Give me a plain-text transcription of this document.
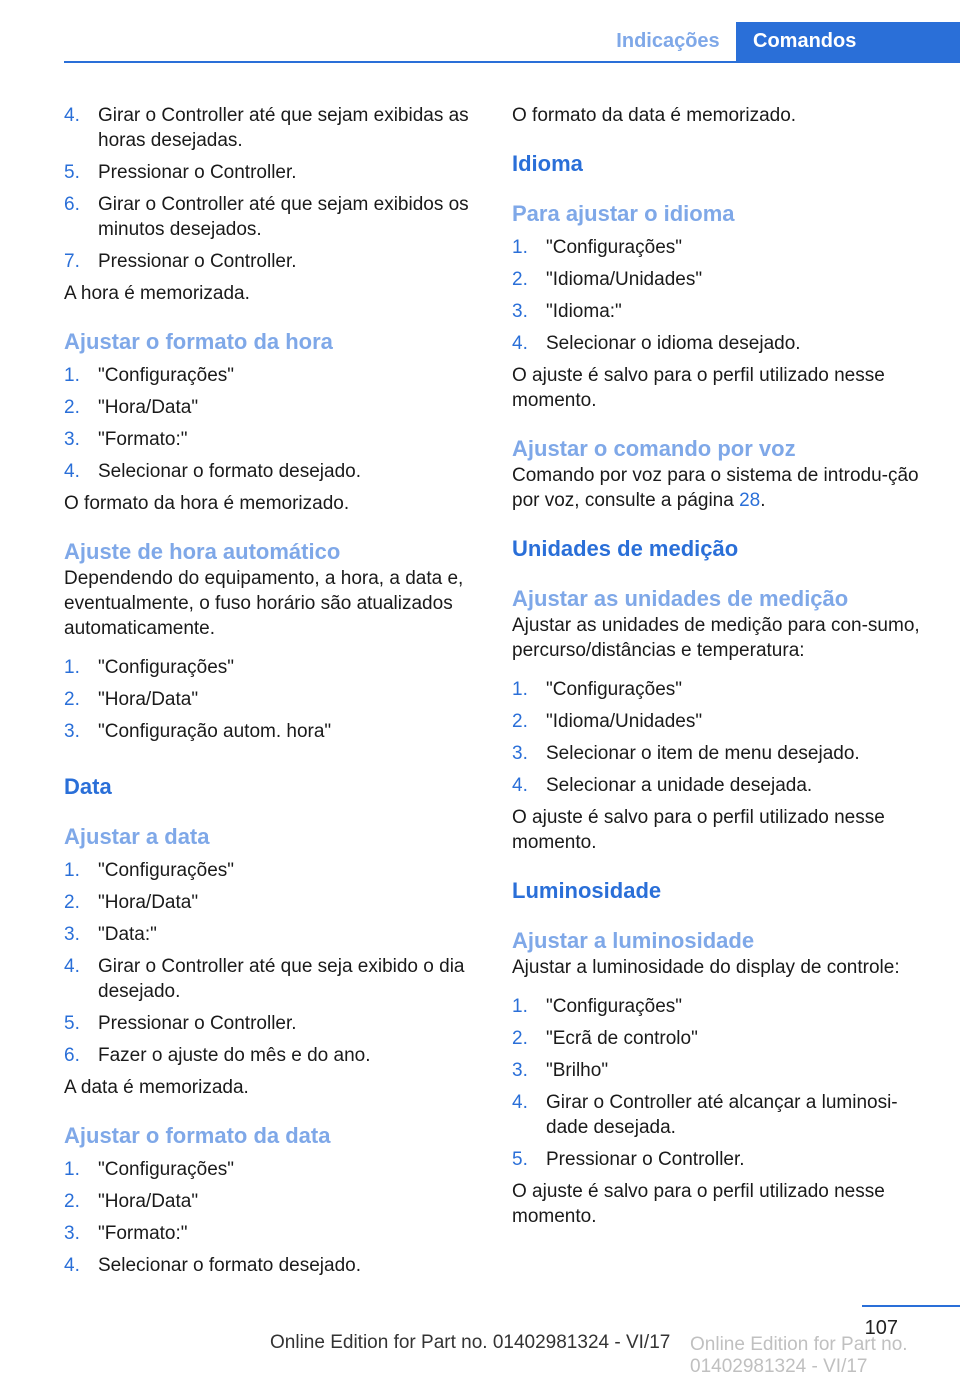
Indicações	Comandos
4. Girar o Controller até que sejam exibidas as horas desejadas.
5. Pressionar o Controller.
6. Girar o Controller até que sejam exibidos os minutos desejados.
7. Pressionar o Controller.

A hora é memorizada.

Ajustar o formato da hora
1. "Configurações"
2. "Hora/Data"
3. "Formato:"
4. Selecionar o formato desejado.

O formato da hora é memorizado.

Ajuste de hora automático

Dependendo do equipamento, a hora, a data e, eventualmente, o fuso horário são atualizados automaticamente.

1. "Configurações"
2. "Hora/Data"
3. "Configuração autom. hora"
Data
Ajustar a data
1. "Configurações"
2. "Hora/Data"
3. "Data:"
4. Girar o Controller até que seja exibido o dia desejado.
5. Pressionar o Controller.
6. Fazer o ajuste do mês e do ano.

A data é memorizada.

Ajustar o formato da data
1. "Configurações"
2. "Hora/Data"
3. "Formato:"
4. Selecionar o formato desejado.

O formato da data é memorizado.

Idioma
Para ajustar o idioma
1. "Configurações"
2. "Idioma/Unidades"
3. "Idioma:"
4. Selecionar o idioma desejado.

O ajuste é salvo para o perfil utilizado nesse momento.

Ajustar o comando por voz

Comando por voz para o sistema de introdu‐ção por voz, consulte a página 28.

Unidades de medição
Ajustar as unidades de medição

Ajustar as unidades de medição para con‐sumo, percurso/distâncias e temperatura:

1. "Configurações"
2. "Idioma/Unidades"
3. Selecionar o item de menu desejado.
4. Selecionar a unidade desejada.

O ajuste é salvo para o perfil utilizado nesse momento.

Luminosidade
Ajustar a luminosidade

Ajustar a luminosidade do display de controle:

1. "Configurações"
2. "Ecrã de controlo"
3. "Brilho"
4. Girar o Controller até alcançar a luminosi‐dade desejada.
5. Pressionar o Controller.

O ajuste é salvo para o perfil utilizado nesse momento.

107
Online Edition for Part no. 01402981324 - VI/17 Online Edition for Part no. 01402981324 - VI/17
